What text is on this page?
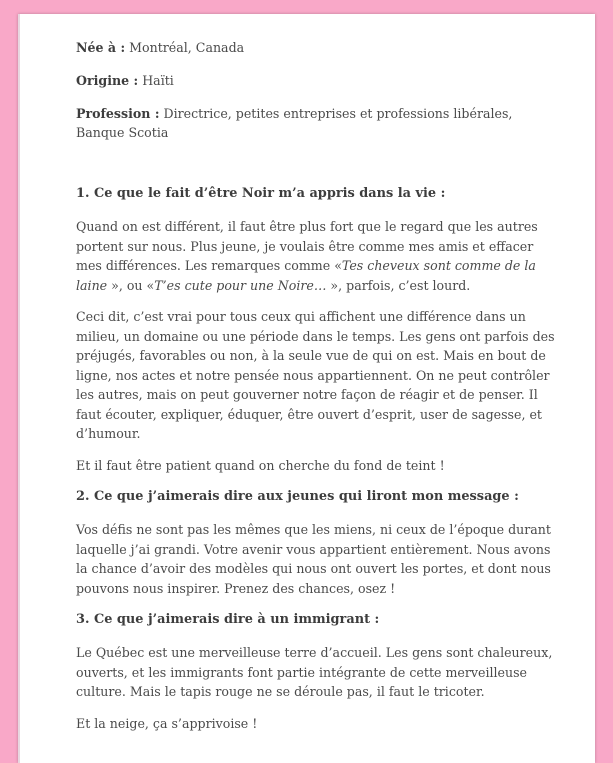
Née à : Montréal, Canada
Origine : Haïti
Profession : Directrice, petites entreprises et professions libérales, Banque Scotia
1. Ce que le fait d’être Noir m’a appris dans la vie :

Quand on est différent, il faut être plus fort que le regard que les autres portent sur nous. Plus jeune, je voulais être comme mes amis et effacer mes différences. Les remarques comme «Tes cheveux sont comme de la laine », ou «T’es cute pour une Noire… », parfois, c’est lourd.

Ceci dit, c’est vrai pour tous ceux qui affichent une différence dans un milieu, un domaine ou une période dans le temps. Les gens ont parfois des préjugés, favorables ou non, à la seule vue de qui on est. Mais en bout de ligne, nos actes et notre pensée nous appartiennent. On ne peut contrôler les autres, mais on peut gouverner notre façon de réagir et de penser. Il faut écouter, expliquer, éduquer, être ouvert d’esprit, user de sagesse, et d’humour.

Et il faut être patient quand on cherche du fond de teint !

2. Ce que j’aimerais dire aux jeunes qui liront mon message :

Vos défis ne sont pas les mêmes que les miens, ni ceux de l’époque durant laquelle j’ai grandi. Votre avenir vous appartient entièrement. Nous avons la chance d’avoir des modèles qui nous ont ouvert les portes, et dont nous pouvons nous inspirer. Prenez des chances, osez !

3. Ce que j’aimerais dire à un immigrant :

Le Québec est une merveilleuse terre d’accueil. Les gens sont chaleureux, ouverts, et les immigrants font partie intégrante de cette merveilleuse culture. Mais le tapis rouge ne se déroule pas, il faut le tricoter.

Et la neige, ça s’apprivoise !
